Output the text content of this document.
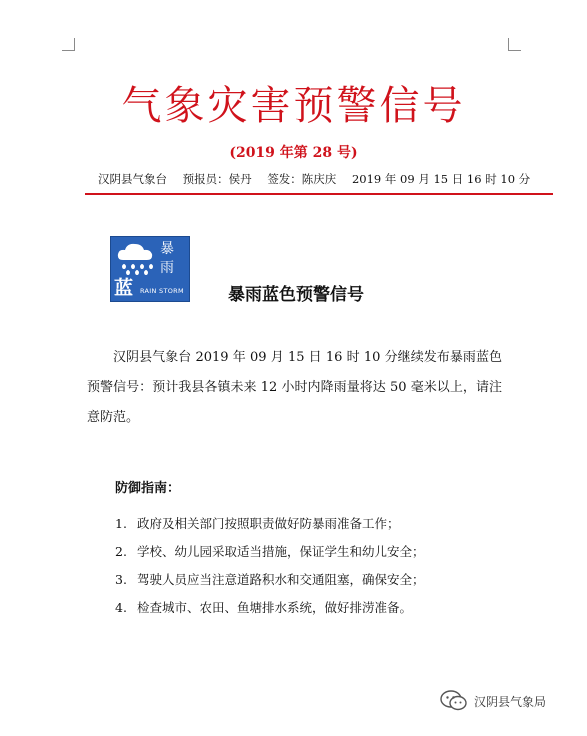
气象灾害预警信号
(2019 年第 28 号)
汉阴县气象台 预报员：侯丹 签发：陈庆庆 2019 年 09 月 15 日 16 时 10 分
暴
雨
蓝 RAIN STORM	暴雨蓝色预警信号

汉阴县气象台 2019 年 09 月 15 日 16 时 10 分继续发布暴雨蓝色预警信号：预计我县各镇未来 12 小时内降雨量将达 50 毫米以上，请注意防范。

防御指南：
1. 政府及相关部门按照职责做好防暴雨准备工作；
2. 学校、幼儿园采取适当措施，保证学生和幼儿安全；
3. 驾驶人员应当注意道路积水和交通阻塞，确保安全；
4. 检查城市、农田、鱼塘排水系统，做好排涝准备。
汉阴县气象局
